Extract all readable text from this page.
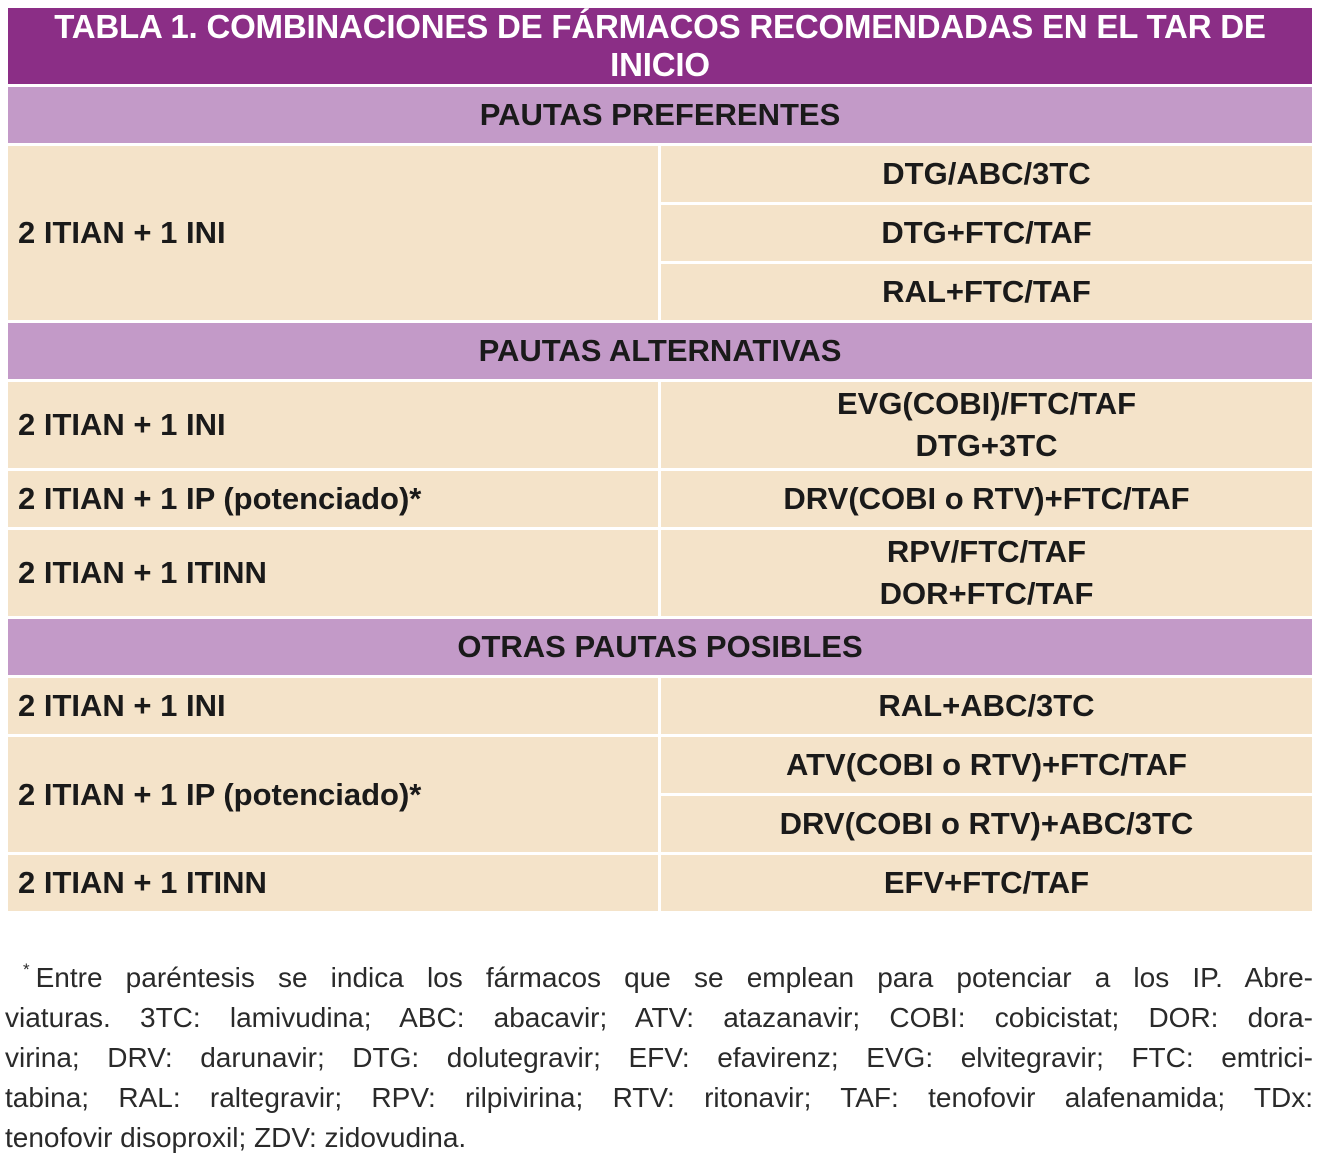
TABLA 1. COMBINACIONES DE FÁRMACOS RECOMENDADAS EN EL TAR DE INICIO	
PAUTAS PREFERENTES	
2 ITIAN + 1 INI	DTG/ABC/3TC
	DTG+FTC/TAF
	RAL+FTC/TAF
PAUTAS ALTERNATIVAS	
2 ITIAN + 1 INI	EVG(COBI)/FTC/TAF
DTG+3TC

2 ITIAN + 1 IP (potenciado)*	DRV(COBI o RTV)+FTC/TAF
2 ITIAN + 1 ITINN	RPV/FTC/TAF
DOR+FTC/TAF

OTRAS PAUTAS POSIBLES	
2 ITIAN + 1 INI	RAL+ABC/3TC
2 ITIAN + 1 IP (potenciado)*	ATV(COBI o RTV)+FTC/TAF
	DRV(COBI o RTV)+ABC/3TC
2 ITIAN + 1 ITINN	EFV+FTC/TAF
* Entre paréntesis se indica los fármacos que se emplean para potenciar a los IP. Abre-
viaturas. 3TC: lamivudina; ABC: abacavir; ATV: atazanavir; COBI: cobicistat; DOR: dora-
virina; DRV: darunavir; DTG: dolutegravir; EFV: efavirenz; EVG: elvitegravir; FTC: emtrici-
tabina; RAL: raltegravir; RPV: rilpivirina; RTV: ritonavir; TAF: tenofovir alafenamida; TDx:
tenofovir disoproxil; ZDV: zidovudina.
